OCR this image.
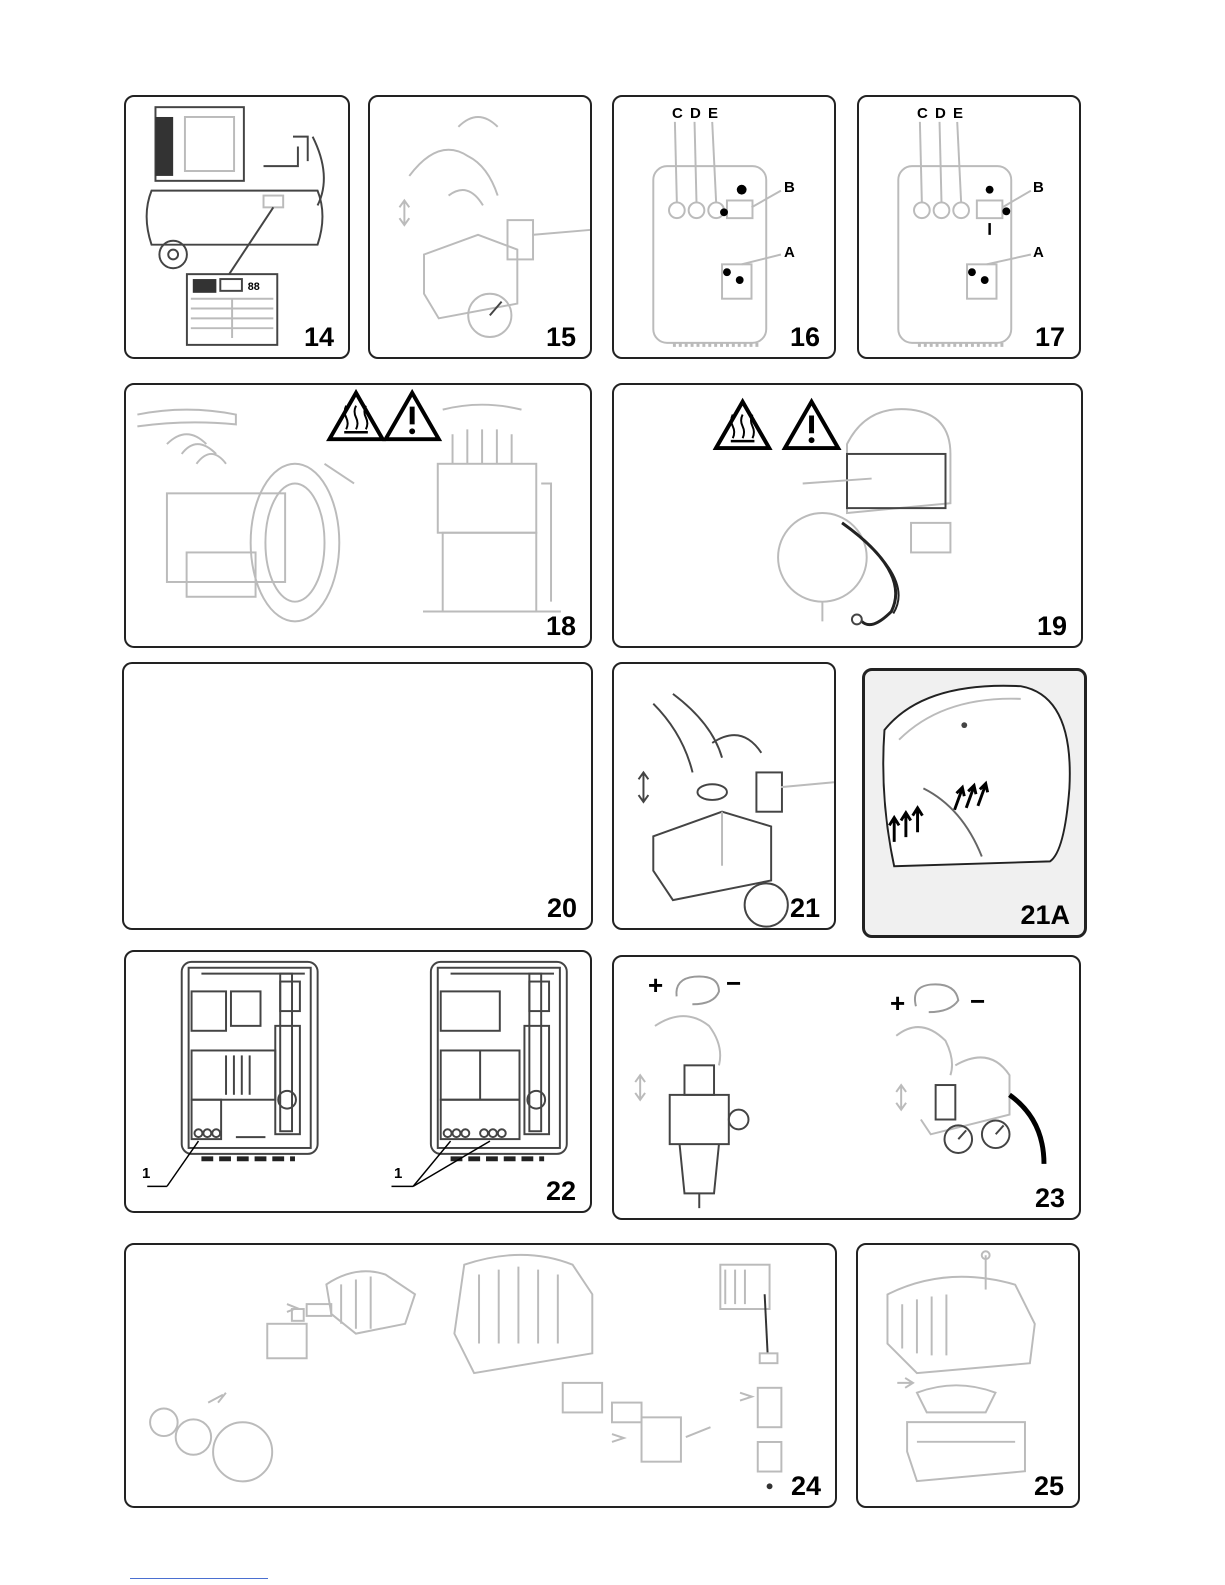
88
14	15
C D E
B
A
16
C D E
B
A
17
18	19
20	21	21A
1	1
22
+ −
+ −
23
24	25
